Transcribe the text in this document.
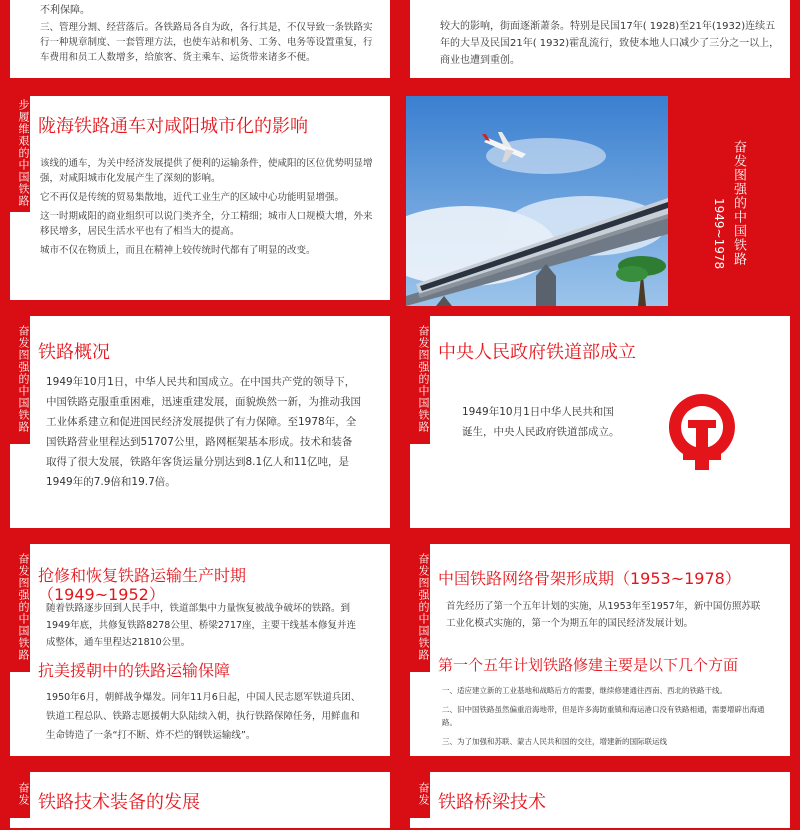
不利保障。
三、管理分割、经营落后。各铁路局各自为政，各行其是，不仅导致一条铁路实行一种规章制度、一套管理方法，也使车站和机务、工务、电务等设置重复，行车费用和员工人数增多，给旅客、货主乘车、运货带来诸多不便。
较大的影响，街面逐渐萧条。特别是民国17年( 1928)至21年(1932)连续五年的大旱及民国21年( 1932)霍乱流行，致使本地人口减少了三分之一以上，商业也遭到重创。
步履维艰的中国铁路 陇海铁路通车对咸阳城市化的影响

该线的通车，为关中经济发展提供了便利的运输条件，使咸阳的区位优势明显增强，对咸阳城市化发展产生了深刻的影响。

它不再仅是传统的贸易集散地，近代工业生产的区域中心功能明显增强。

这一时期咸阳的商业组织可以说门类齐全，分工精细；城市人口规模大增，外来移民增多，居民生活水平也有了相当大的提高。

城市不仅在物质上，而且在精神上较传统时代都有了明显的改变。	奋发图强的中国铁路
1949~1978
奋发图强的中国铁路 铁路概况
1949年10月1日，中华人民共和国成立。在中国共产党的领导下，中国铁路克服重重困难，迅速重建发展，面貌焕然一新，为推动我国工业体系建立和促进国民经济发展提供了有力保障。至1978年，全国铁路营业里程达到51707公里，路网框架基本形成。技术和装备取得了很大发展，铁路年客货运量分别达到8.1亿人和11亿吨，是1949年的7.9倍和19.7倍。
奋发图强的中国铁路 中央人民政府铁道部成立
1949年10月1日中华人民共和国诞生，中央人民政府铁道部成立。
奋发图强的中国铁路 抢修和恢复铁路运输生产时期（1949~1952）
随着铁路逐步回到人民手中，铁道部集中力量恢复被战争破坏的铁路。到1949年底，共修复铁路8278公里、桥梁2717座，主要干线基本修复并连成整体，通车里程达21810公里。
抗美援朝中的铁路运输保障
1950年6月，朝鲜战争爆发。同年11月6日起，中国人民志愿军铁道兵团、铁道工程总队、铁路志愿援朝大队陆续入朝，执行铁路保障任务，用鲜血和生命铸造了一条“打不断、炸不烂的钢铁运输线”。
奋发图强的中国铁路 中国铁路网络骨架形成期（1953~1978）
首先经历了第一个五年计划的实施，从1953年至1957年，新中国仿照苏联工业化模式实施的，第一个为期五年的国民经济发展计划。
第一个五年计划铁路修建主要是以下几个方面

一、适应建立新的工业基地和战略后方的需要，继续修建通往西南、西北的铁路干线。

二、旧中国铁路虽然偏重沿海地带，但是许多海防重镇和海运港口没有铁路相通，需要增辟出海通路。

三、为了加强和苏联、蒙古人民共和国的交往，增建新的国际联运线

奋发 铁路技术装备的发展	奋发 铁路桥梁技术
